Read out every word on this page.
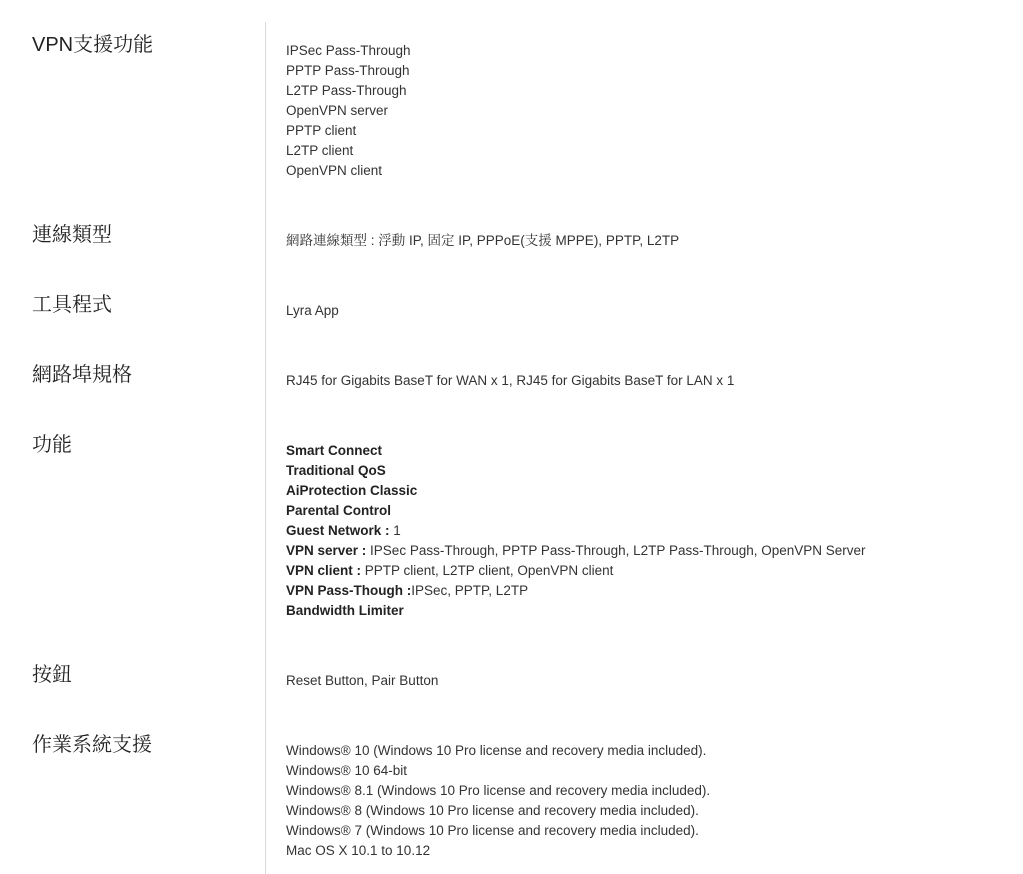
VPN支援功能	IPSec Pass-Through
PPTP Pass-Through
L2TP Pass-Through
OpenVPN server
PPTP client
L2TP client
OpenVPN client
連線類型	網路連線類型 : 浮動 IP, 固定 IP, PPPoE(支援 MPPE), PPTP, L2TP
工具程式	Lyra App
網路埠規格	RJ45 for Gigabits BaseT for WAN x 1, RJ45 for Gigabits BaseT for LAN x 1
功能	Smart Connect
Traditional QoS
AiProtection Classic
Parental Control
Guest Network : 1
VPN server : IPSec Pass-Through, PPTP Pass-Through, L2TP Pass-Through, OpenVPN Server
VPN client : PPTP client, L2TP client, OpenVPN client
VPN Pass-Though :IPSec, PPTP, L2TP
Bandwidth Limiter
按鈕	Reset Button, Pair Button
作業系統支援	Windows® 10 (Windows 10 Pro license and recovery media included).
Windows® 10 64-bit
Windows® 8.1 (Windows 10 Pro license and recovery media included).
Windows® 8 (Windows 10 Pro license and recovery media included).
Windows® 7 (Windows 10 Pro license and recovery media included).
Mac OS X 10.1 to 10.12
